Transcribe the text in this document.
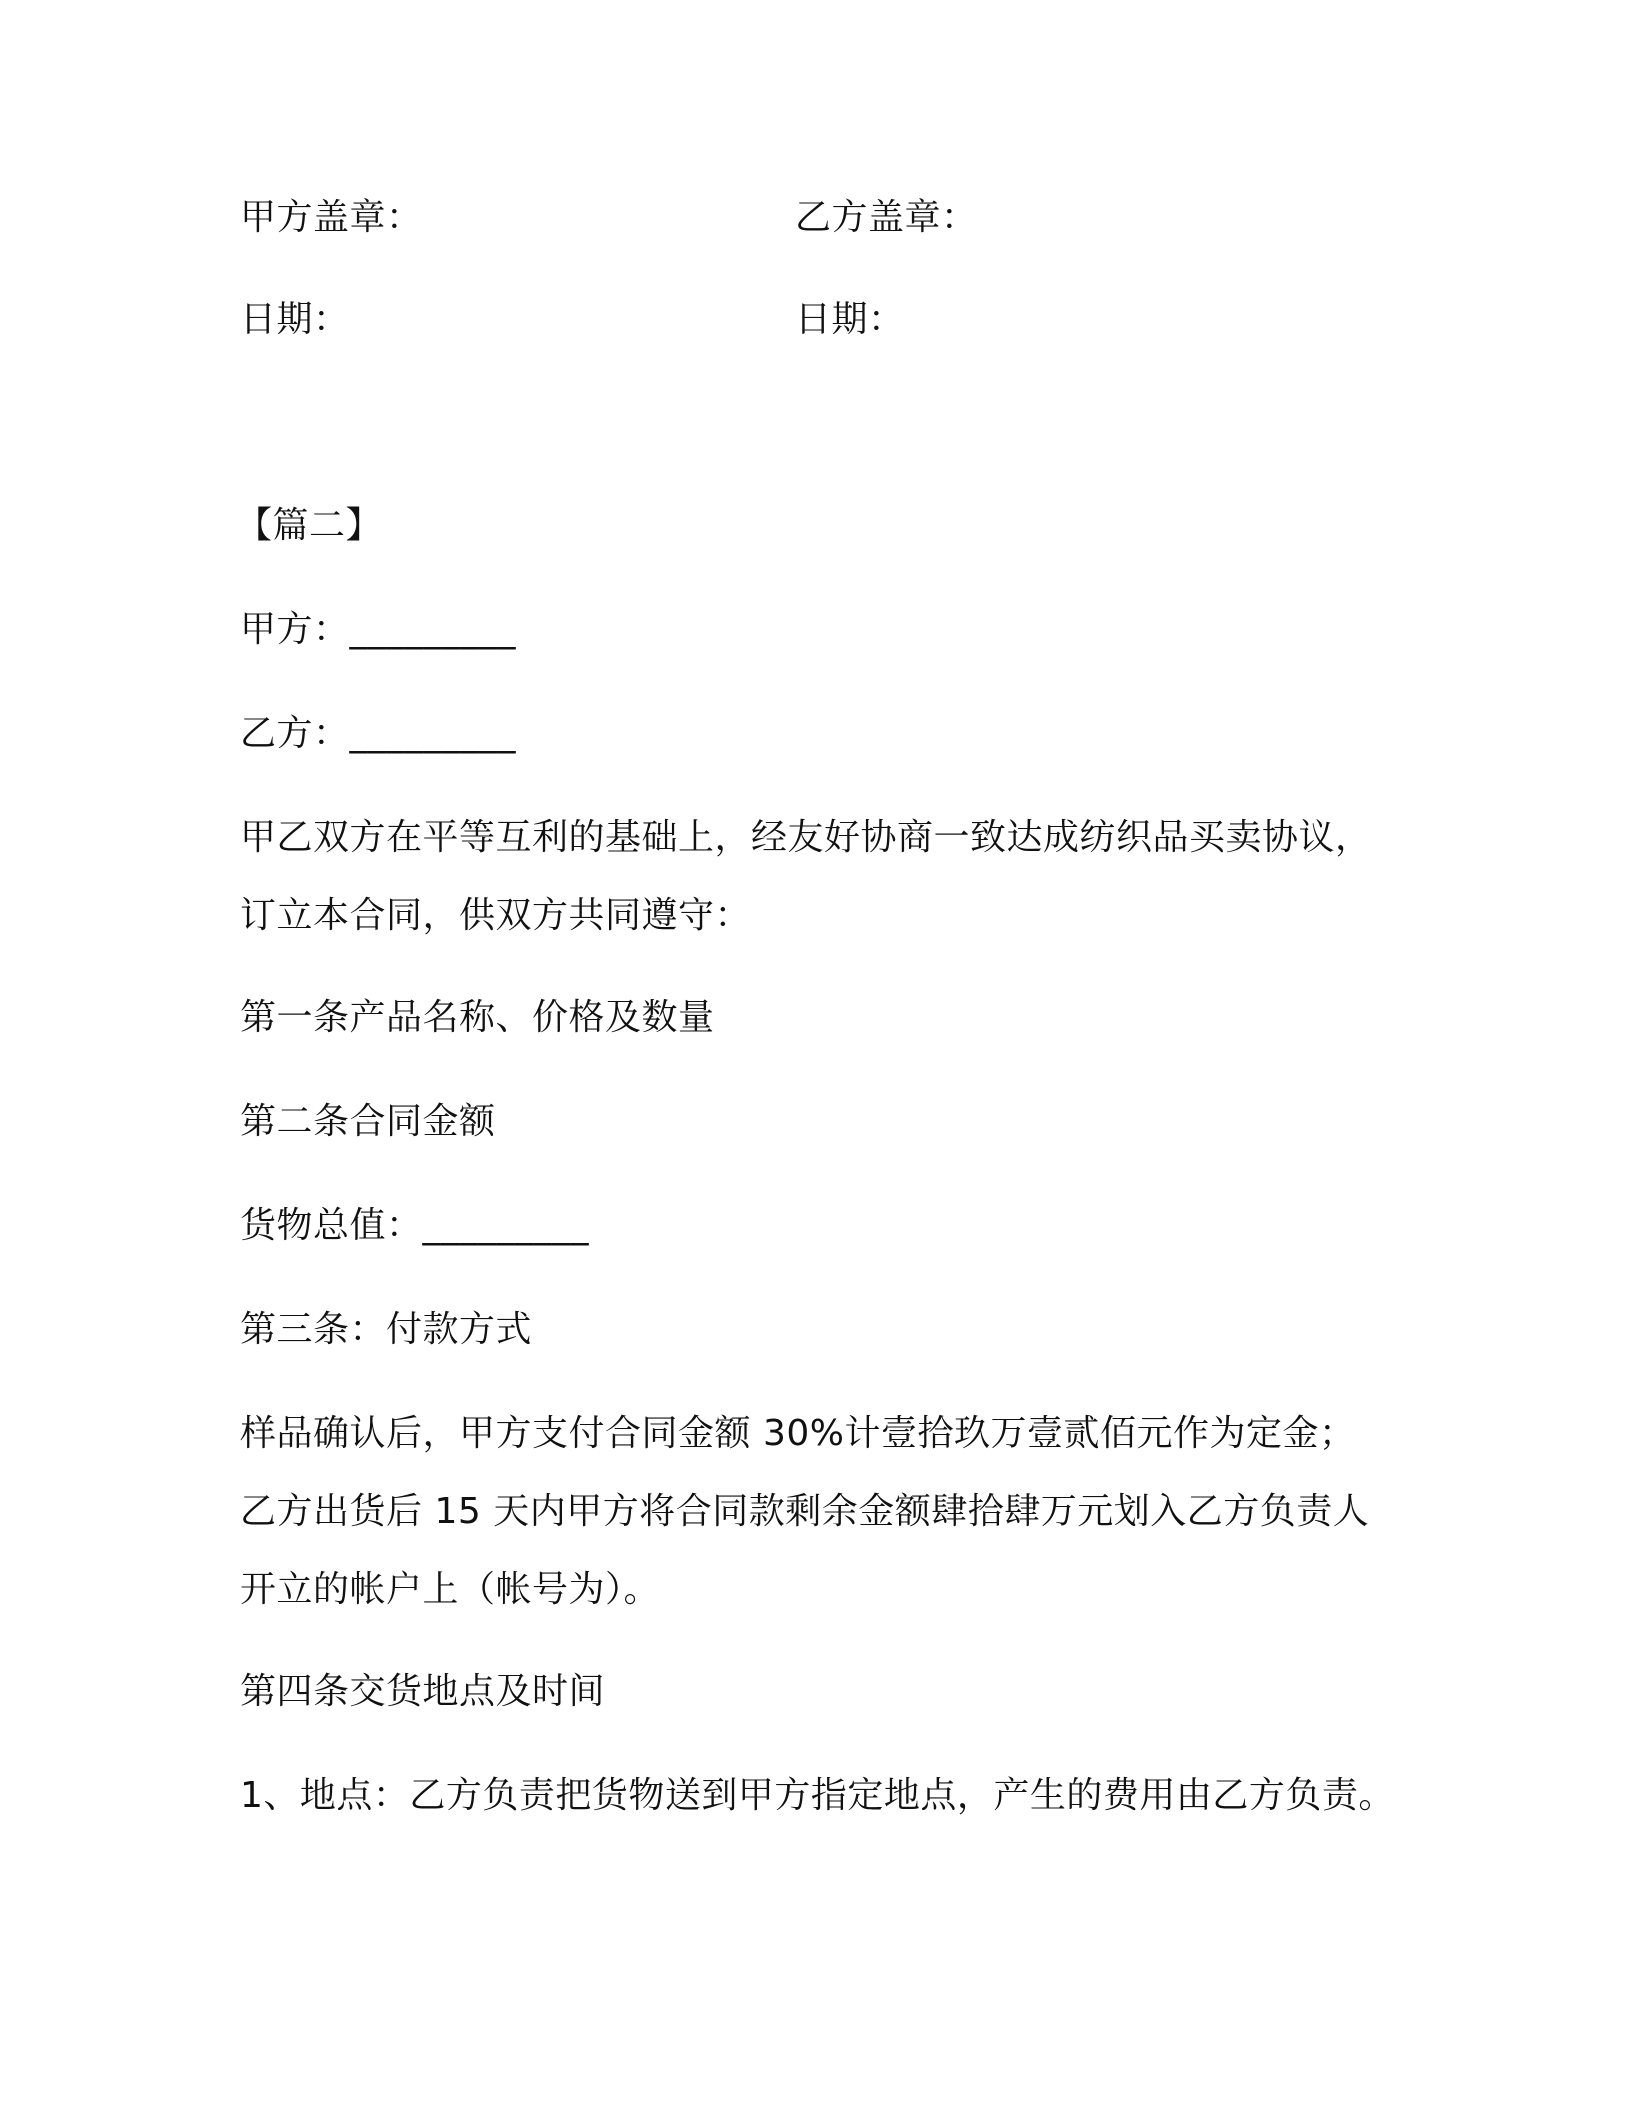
甲方盖章：	乙方盖章：
日期：	日期：
【篇二】
甲方：_________
乙方：_________
甲乙双方在平等互利的基础上，经友好协商一致达成纺织品买卖协议，
订立本合同，供双方共同遵守：
第一条产品名称、价格及数量
第二条合同金额
货物总值：_________
第三条：付款方式
样品确认后，甲方支付合同金额 30%计壹拾玖万壹贰佰元作为定金；
乙方出货后 15 天内甲方将合同款剩余金额肆拾肆万元划入乙方负责人
开立的帐户上（帐号为）。
第四条交货地点及时间
1、地点：乙方负责把货物送到甲方指定地点，产生的费用由乙方负责。
